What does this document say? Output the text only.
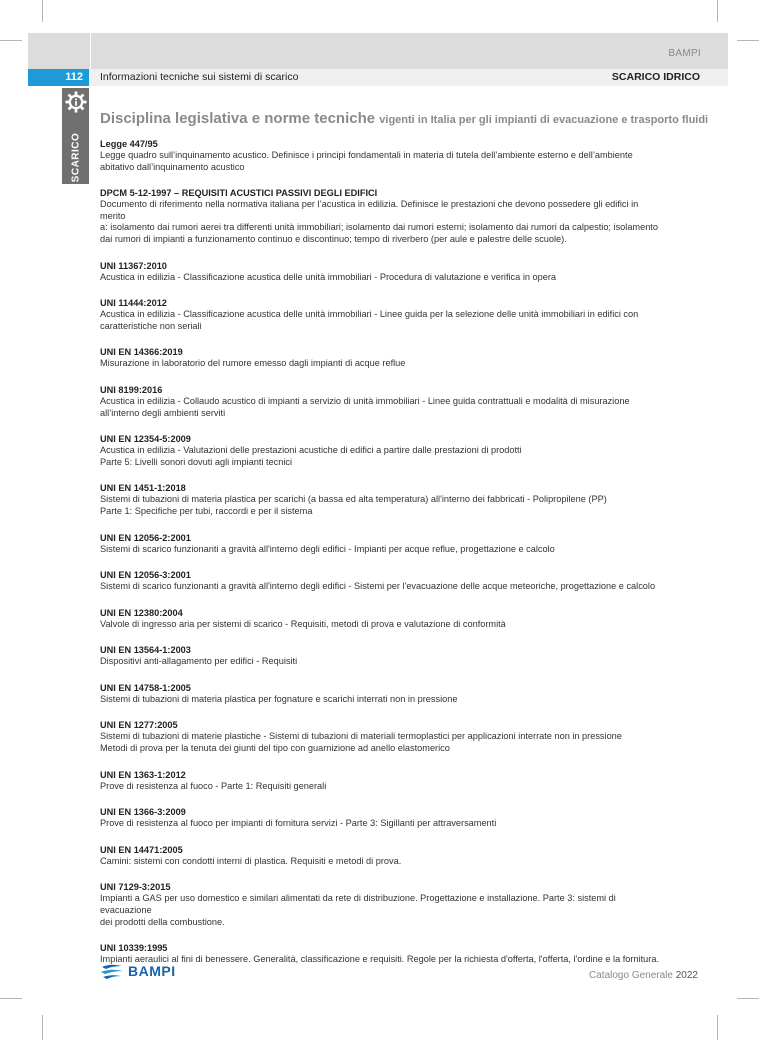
BAMPI
112	Informazioni tecniche sui sistemi di scarico	SCARICO IDRICO
SCARICO
Disciplina legislativa e norme tecniche vigenti in Italia per gli impianti di evacuazione e trasporto fluidi
Legge 447/95
Legge quadro sull’inquinamento acustico. Definisce i principi fondamentali in materia di tutela dell’ambiente esterno e dell’ambiente
abitativo dall’inquinamento acustico
DPCM 5-12-1997 – REQUISITI ACUSTICI PASSIVI DEGLI EDIFICI
Documento di riferimento nella normativa italiana per l’acustica in edilizia. Definisce le prestazioni che devono possedere gli edifici in merito
a: isolamento dai rumori aerei tra differenti unità immobiliari; isolamento dai rumori esterni; isolamento dai rumori da calpestio; isolamento
dai rumori di impianti a funzionamento continuo e discontinuo; tempo di riverbero (per aule e palestre delle scuole).
UNI 11367:2010
Acustica in edilizia - Classificazione acustica delle unità immobiliari - Procedura di valutazione e verifica in opera
UNI 11444:2012
Acustica in edilizia - Classificazione acustica delle unità immobiliari - Linee guida per la selezione delle unità immobiliari in edifici con
caratteristiche non seriali
UNI EN 14366:2019
Misurazione in laboratorio del rumore emesso dagli impianti di acque reflue
UNI 8199:2016
Acustica in edilizia - Collaudo acustico di impianti a servizio di unità immobiliari - Linee guida contrattuali e modalità di misurazione
all’interno degli ambienti serviti
UNI EN 12354-5:2009
Acustica in edilizia - Valutazioni delle prestazioni acustiche di edifici a partire dalle prestazioni di prodotti
Parte 5: Livelli sonori dovuti agli impianti tecnici
UNI EN 1451-1:2018
Sistemi di tubazioni di materia plastica per scarichi (a bassa ed alta temperatura) all'interno dei fabbricati - Polipropilene (PP)
Parte 1: Specifiche per tubi, raccordi e per il sistema
UNI EN 12056-2:2001
Sistemi di scarico funzionanti a gravità all'interno degli edifici - Impianti per acque reflue, progettazione e calcolo
UNI EN 12056-3:2001
Sistemi di scarico funzionanti a gravità all'interno degli edifici - Sistemi per l'evacuazione delle acque meteoriche, progettazione e calcolo
UNI EN 12380:2004
Valvole di ingresso aria per sistemi di scarico - Requisiti, metodi di prova e valutazione di conformità
UNI EN 13564-1:2003
Dispositivi anti-allagamento per edifici - Requisiti
UNI EN 14758-1:2005
Sistemi di tubazioni di materia plastica per fognature e scarichi interrati non in pressione
UNI EN 1277:2005
Sistemi di tubazioni di materie plastiche - Sistemi di tubazioni di materiali termoplastici per applicazioni interrate non in pressione
Metodi di prova per la tenuta dei giunti del tipo con guarnizione ad anello elastomerico
UNI EN 1363-1:2012
Prove di resistenza al fuoco - Parte 1: Requisiti generali
UNI EN 1366-3:2009
Prove di resistenza al fuoco per impianti di fornitura servizi - Parte 3: Sigillanti per attraversamenti
UNI EN 14471:2005
Camini: sistemi con condotti interni di plastica. Requisiti e metodi di prova.
UNI 7129-3:2015
Impianti a GAS per uso domestico e similari alimentati da rete di distribuzione. Progettazione e installazione. Parte 3: sistemi di evacuazione
dei prodotti della combustione.
UNI 10339:1995
Impianti aeraulici al fini di benessere. Generalità, classificazione e requisiti. Regole per la richiesta d'offerta, l'offerta, l'ordine e la fornitura.
BAMPI	Catalogo Generale 2022
